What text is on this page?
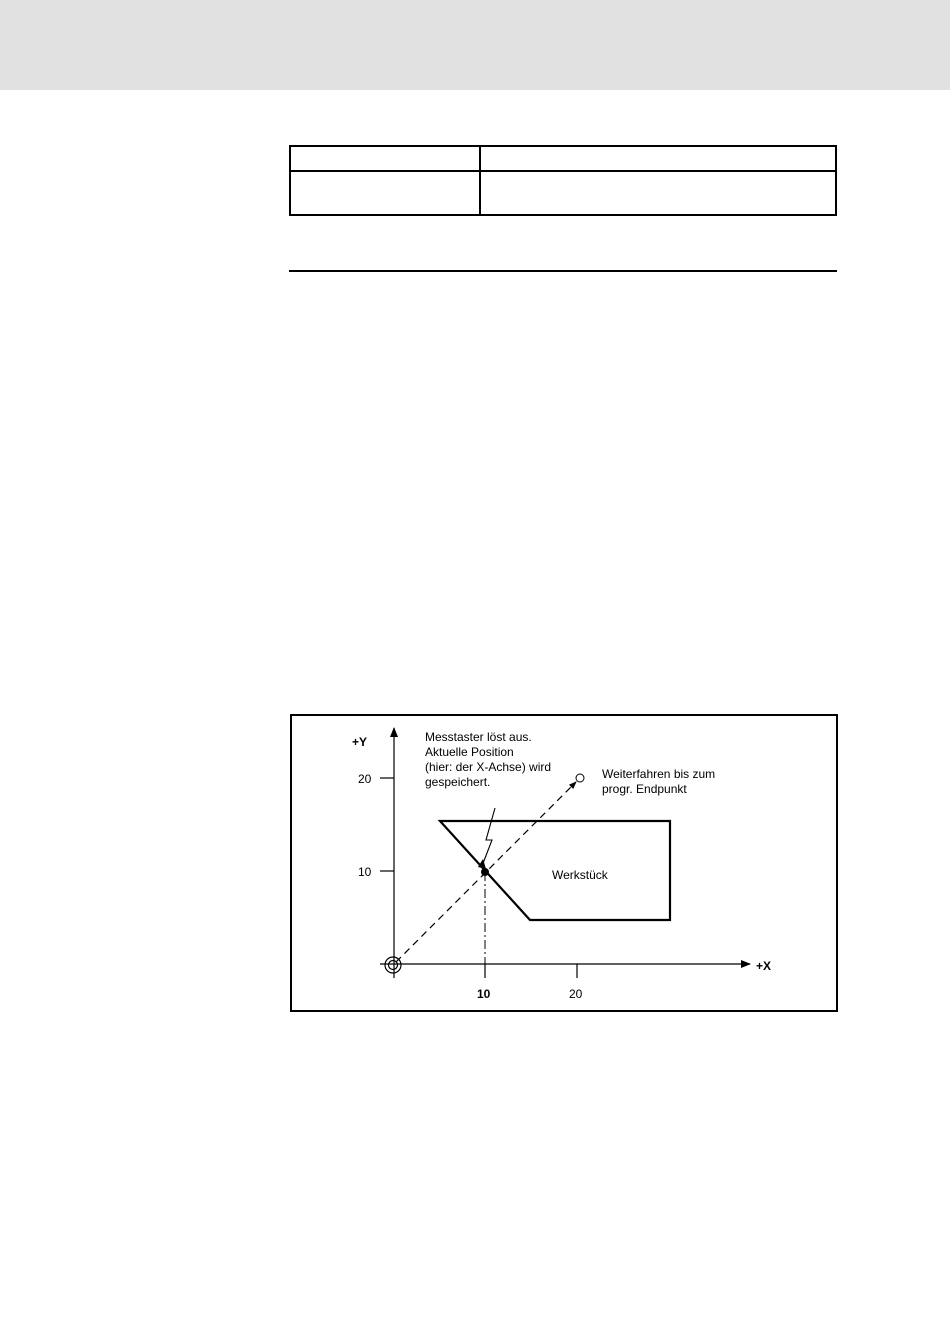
+Y
+X
20
10
10	20
Werkstück
Messtaster löst aus. Aktuelle Position (hier: der X-Achse) wird gespeichert.
Weiterfahren bis zum progr. Endpunkt
